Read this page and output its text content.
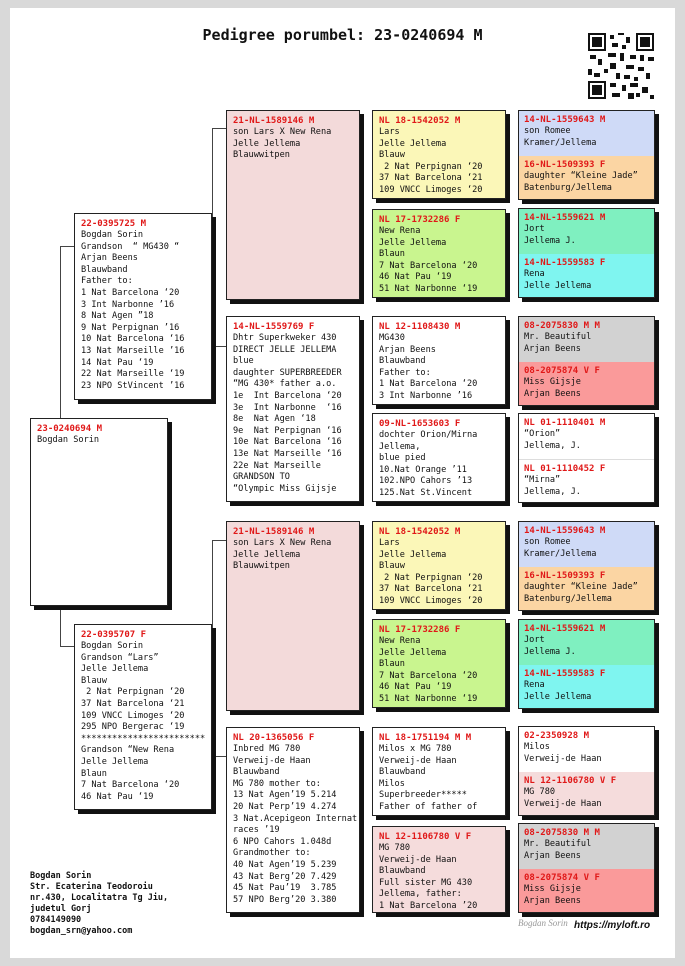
Pedigree porumbel: 23-0240694 M
23-0240694 M
Bogdan Sorin
22-0395725 M
Bogdan Sorin
Grandson  “ MG430 “
Arjan Beens
Blauwband
Father to:
1 Nat Barcelona ‘20
3 Int Narbonne ’16
8 Nat Agen ”18
9 Nat Perpignan ’16
10 Nat Barcelona ‘16
13 Nat Marseille ’16
14 Nat Pau ‘19
22 Nat Marseille ‘19
23 NPO StVincent ’16
22-0395707 F
Bogdan Sorin
Grandson “Lars”
Jelle Jellema
Blauw
2 Nat Perpignan ‘20
37 Nat Barcelona ‘21
109 VNCC Limoges ‘20
295 NPO Bergerac ‘19
************************
Grandson “New Rena
Jelle Jellema
Blaun
7 Nat Barcelona ‘20
46 Nat Pau ‘19
21-NL-1589146 M
son Lars X New Rena
Jelle Jellema
Blauwwitpen
14-NL-1559769 F
Dhtr Superkweker 430
DIRECT JELLE JELLEMA
blue
daughter SUPERBREEDER
“MG 430* father a.o.
1e  Int Barcelona ‘20
3e  Int Narbonne  ‘16
8e  Nat Agen ‘18
9e  Nat Perpignan ‘16
10e Nat Barcelona ‘16
13e Nat Marseille ‘16
22e Nat Marseille
GRANDSON TO
“Olympic Miss Gijsje
21-NL-1589146 M
son Lars X New Rena
Jelle Jellema
Blauwwitpen
NL 20-1365056 F
Inbred MG 780
Verweij-de Haan
Blauwband
MG 780 mother to:
13 Nat Agen’19 5.214
20 Nat Perp’19 4.274
3 Nat.Acepigeon Internat
races ’19
6 NPO Cahors 1.048d
Grandmother to:
40 Nat Agen’19 5.239
43 Nat Berg’20 7.429
45 Nat Pau’19  3.785
57 NPO Berg’20 3.380
NL 18-1542052 M
Lars
Jelle Jellema
Blauw
2 Nat Perpignan ‘20
37 Nat Barcelona ‘21
109 VNCC Limoges ‘20
NL 17-1732286 F
New Rena
Jelle Jellema
Blaun
7 Nat Barcelona ‘20
46 Nat Pau ‘19
51 Nat Narbonne ‘19
NL 12-1108430 M
MG430
Arjan Beens
Blauwband
Father to:
1 Nat Barcelona ‘20
3 Int Narbonne ’16
09-NL-1653603 F
dochter Orion/Mirna
Jellema,
blue pied
10.Nat Orange ’11
102.NPO Cahors ’13
125.Nat St.Vincent
NL 18-1542052 M
Lars
Jelle Jellema
Blauw
2 Nat Perpignan ‘20
37 Nat Barcelona ‘21
109 VNCC Limoges ‘20
NL 17-1732286 F
New Rena
Jelle Jellema
Blaun
7 Nat Barcelona ‘20
46 Nat Pau ‘19
51 Nat Narbonne ‘19
NL 18-1751194 M M
Milos x MG 780
Verweij-de Haan
Blauwband
Milos
Superbreeder*****
Father of father of
NL 12-1106780 V F
MG 780
Verweij-de Haan
Blauwband
Full sister MG 430
Jellema, father:
1 Nat Barcelona ’20
14-NL-1559643 M
son Romee
Kramer/Jellema
16-NL-1509393 F
daughter “Kleine Jade”
Batenburg/Jellema
14-NL-1559621 M
Jort
Jellema J.
14-NL-1559583 F
Rena
Jelle Jellema
08-2075830 M M
Mr. Beautiful
Arjan Beens
08-2075874 V F
Miss Gijsje
Arjan Beens
NL 01-1110401 M
“Orion”
Jellema, J.
NL 01-1110452 F
“Mirna”
Jellema, J.
14-NL-1559643 M
son Romee
Kramer/Jellema
16-NL-1509393 F
daughter “Kleine Jade”
Batenburg/Jellema
14-NL-1559621 M
Jort
Jellema J.
14-NL-1559583 F
Rena
Jelle Jellema
02-2350928 M
Milos
Verweij-de Haan
NL 12-1106780 V F
MG 780
Verweij-de Haan
08-2075830 M M
Mr. Beautiful
Arjan Beens
08-2075874 V F
Miss Gijsje
Arjan Beens
Bogdan Sorin
Str. Ecaterina Teodoroiu
nr.430, Localitatra Tg Jiu,
judetul Gorj
0784149090
bogdan_srn@yahoo.com
Bogdan Sorin https://myloft.ro
